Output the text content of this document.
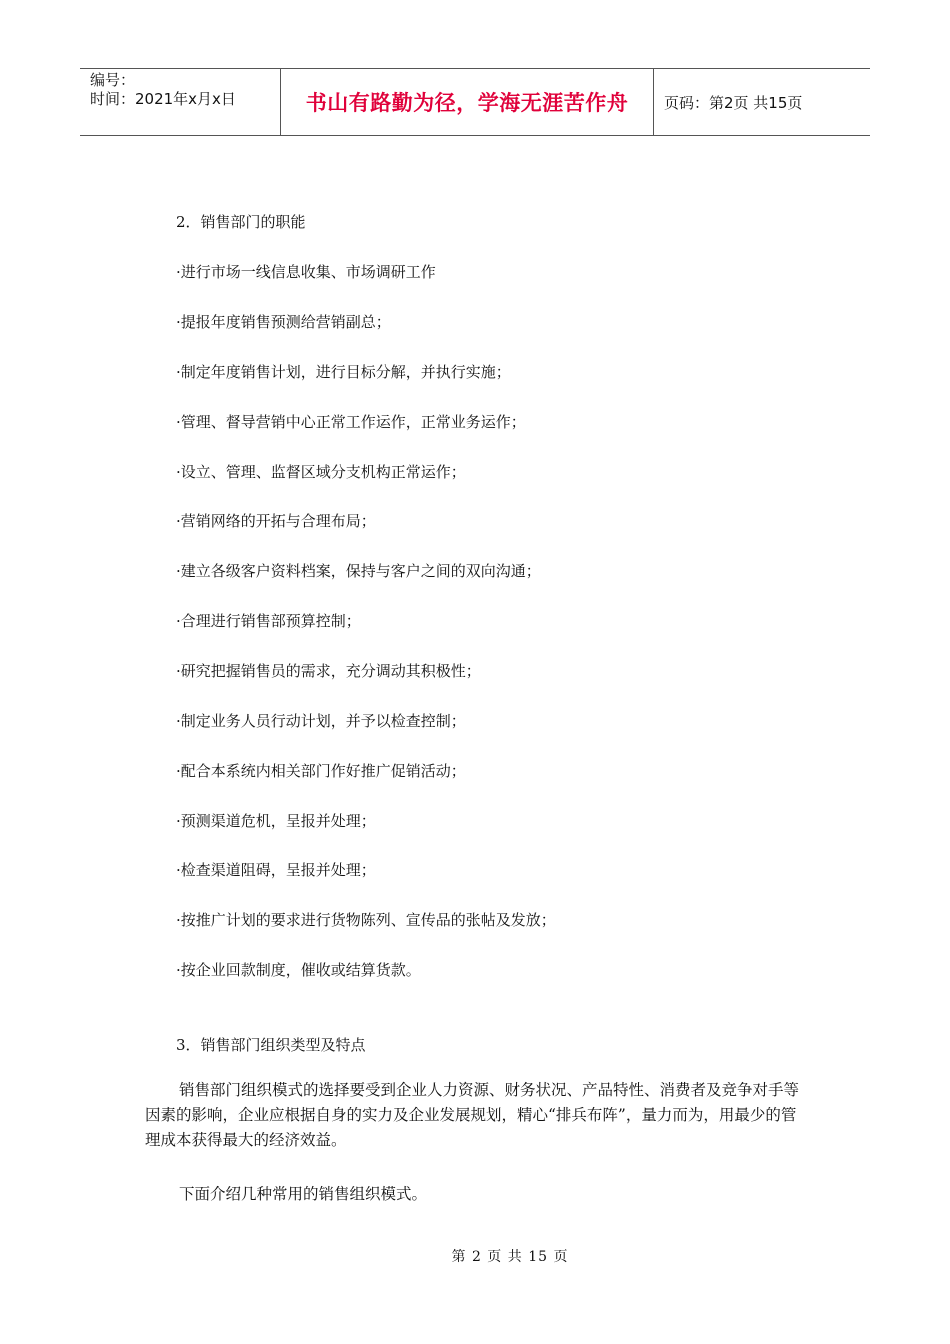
编号：
时间：2021年x月x日	书山有路勤为径，学海无涯苦作舟	页码：第2页 共15页
2．销售部门的职能
·进行市场一线信息收集、市场调研工作
·提报年度销售预测给营销副总；
·制定年度销售计划，进行目标分解，并执行实施；
·管理、督导营销中心正常工作运作，正常业务运作；
·设立、管理、监督区域分支机构正常运作；
·营销网络的开拓与合理布局；
·建立各级客户资料档案，保持与客户之间的双向沟通；
·合理进行销售部预算控制；
·研究把握销售员的需求，充分调动其积极性；
·制定业务人员行动计划，并予以检查控制；
·配合本系统内相关部门作好推广促销活动；
·预测渠道危机，呈报并处理；
·检查渠道阻碍，呈报并处理；
·按推广计划的要求进行货物陈列、宣传品的张帖及发放；
·按企业回款制度，催收或结算货款。
3．销售部门组织类型及特点
销售部门组织模式的选择要受到企业人力资源、财务状况、产品特性、消费者及竞争对手等因素的影响，企业应根据自身的实力及企业发展规划，精心“排兵布阵”，量力而为，用最少的管理成本获得最大的经济效益。
下面介绍几种常用的销售组织模式。
第 2 页 共 15 页
